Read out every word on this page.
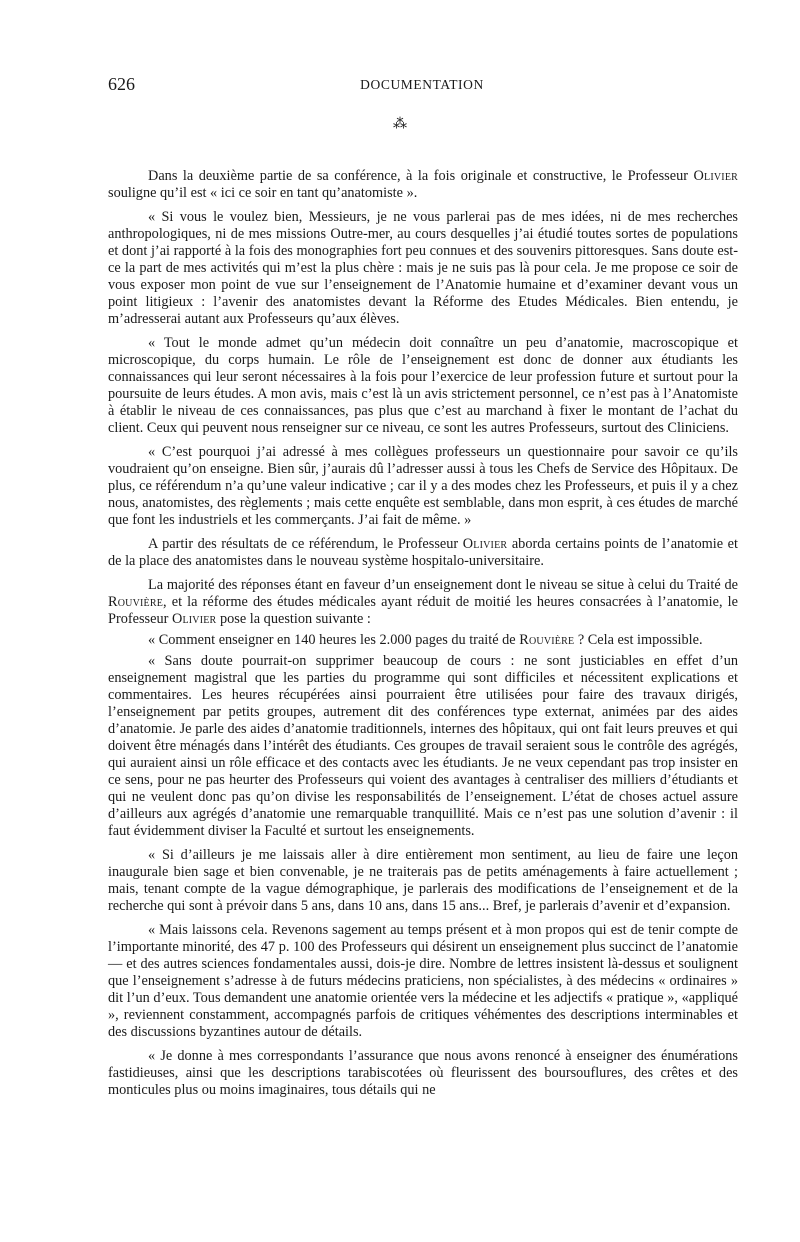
626	DOCUMENTATION
⁂

Dans la deuxième partie de sa conférence, à la fois originale et constructive, le Professeur Olivier souligne qu’il est « ici ce soir en tant qu’anatomiste ».

« Si vous le voulez bien, Messieurs, je ne vous parlerai pas de mes idées, ni de mes recherches anthropologiques, ni de mes missions Outre-mer, au cours desquelles j’ai étudié toutes sortes de populations et dont j’ai rapporté à la fois des monographies fort peu connues et des souvenirs pittoresques. Sans doute est-ce la part de mes activités qui m’est la plus chère : mais je ne suis pas là pour cela. Je me propose ce soir de vous exposer mon point de vue sur l’enseignement de l’Anatomie humaine et d’examiner devant vous un point litigieux : l’avenir des anatomistes devant la Réforme des Etudes Médicales. Bien entendu, je m’adresserai autant aux Professeurs qu’aux élèves.

« Tout le monde admet qu’un médecin doit connaître un peu d’anatomie, macroscopique et microscopique, du corps humain. Le rôle de l’enseignement est donc de donner aux étudiants les connaissances qui leur seront nécessaires à la fois pour l’exercice de leur profession future et surtout pour la poursuite de leurs études. A mon avis, mais c’est là un avis strictement personnel, ce n’est pas à l’Anatomiste à établir le niveau de ces connaissances, pas plus que c’est au marchand à fixer le montant de l’achat du client. Ceux qui peuvent nous renseigner sur ce niveau, ce sont les autres Professeurs, surtout des Cliniciens.

« C’est pourquoi j’ai adressé à mes collègues professeurs un questionnaire pour savoir ce qu’ils voudraient qu’on enseigne. Bien sûr, j’aurais dû l’adresser aussi à tous les Chefs de Service des Hôpitaux. De plus, ce référendum n’a qu’une valeur indicative ; car il y a des modes chez les Professeurs, et puis il y a chez nous, anatomistes, des règlements ; mais cette enquête est semblable, dans mon esprit, à ces études de marché que font les industriels et les commerçants. J’ai fait de même. »

A partir des résultats de ce référendum, le Professeur Olivier aborda certains points de l’anatomie et de la place des anatomistes dans le nouveau système hospitalo-universitaire.

La majorité des réponses étant en faveur d’un enseignement dont le niveau se situe à celui du Traité de Rouvière, et la réforme des études médicales ayant réduit de moitié les heures consacrées à l’anatomie, le Professeur Olivier pose la question suivante :

« Comment enseigner en 140 heures les 2.000 pages du traité de Rouvière ? Cela est impossible.

« Sans doute pourrait-on supprimer beaucoup de cours : ne sont justiciables en effet d’un enseignement magistral que les parties du programme qui sont difficiles et nécessitent explications et commentaires. Les heures récupérées ainsi pourraient être utilisées pour faire des travaux dirigés, l’enseignement par petits groupes, autrement dit des conférences type externat, animées par des aides d’anatomie. Je parle des aides d’anatomie traditionnels, internes des hôpitaux, qui ont fait leurs preuves et qui doivent être ménagés dans l’intérêt des étudiants. Ces groupes de travail seraient sous le contrôle des agrégés, qui auraient ainsi un rôle efficace et des contacts avec les étudiants. Je ne veux cependant pas trop insister en ce sens, pour ne pas heurter des Professeurs qui voient des avantages à centraliser des milliers d’étudiants et qui ne veulent donc pas qu’on divise les responsabilités de l’enseignement. L’état de choses actuel assure d’ailleurs aux agrégés d’anatomie une remarquable tranquillité. Mais ce n’est pas une solution d’avenir : il faut évidemment diviser la Faculté et surtout les enseignements.

« Si d’ailleurs je me laissais aller à dire entièrement mon sentiment, au lieu de faire une leçon inaugurale bien sage et bien convenable, je ne traiterais pas de petits aménagements à faire actuellement ; mais, tenant compte de la vague démographique, je parlerais des modifications de l’enseignement et de la recherche qui sont à prévoir dans 5 ans, dans 10 ans, dans 15 ans... Bref, je parlerais d’avenir et d’expansion.

« Mais laissons cela. Revenons sagement au temps présent et à mon propos qui est de tenir compte de l’importante minorité, des 47 p. 100 des Professeurs qui désirent un enseignement plus succinct de l’anatomie — et des autres sciences fondamentales aussi, dois-je dire. Nombre de lettres insistent là-dessus et soulignent que l’enseignement s’adresse à de futurs médecins praticiens, non spécialistes, à des médecins « ordinaires » dit l’un d’eux. Tous demandent une anatomie orientée vers la médecine et les adjectifs « pratique », «appliqué », reviennent constamment, accompagnés parfois de critiques véhémentes des descriptions interminables et des discussions byzantines autour de détails.

« Je donne à mes correspondants l’assurance que nous avons renoncé à enseigner des énumérations fastidieuses, ainsi que les descriptions tarabiscotées où fleurissent des boursouflures, des crêtes et des monticules plus ou moins imaginaires, tous détails qui ne
